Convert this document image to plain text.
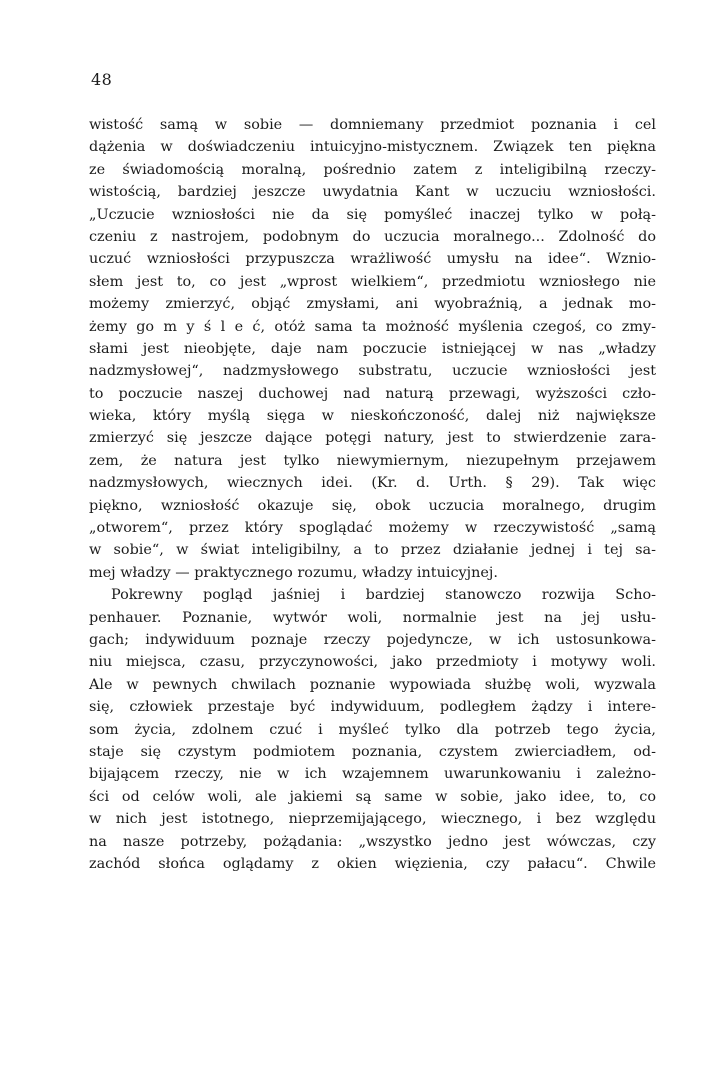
48
wistość samą w sobie — domniemany przedmiot poznania i cel
dążenia w doświadczeniu intuicyjno-mistycznem. Związek ten piękna
ze świadomością moralną, pośrednio zatem z inteligibilną rzeczy-
wistością, bardziej jeszcze uwydatnia Kant w uczuciu wzniosłości.
„Uczucie wzniosłości nie da się pomyśleć inaczej tylko w połą-
czeniu z nastrojem, podobnym do uczucia moralnego... Zdolność do
uczuć wzniosłości przypuszcza wrażliwość umysłu na idee“. Wznio-
słem jest to, co jest „wprost wielkiem“, przedmiotu wzniosłego nie
możemy zmierzyć, objąć zmysłami, ani wyobraźnią, a jednak mo-
żemy go m y ś l e ć, otóż sama ta możność myślenia czegoś, co zmy-
słami jest nieobjęte, daje nam poczucie istniejącej w nas „władzy
nadzmysłowej“, nadzmysłowego substratu, uczucie wzniosłości jest
to poczucie naszej duchowej nad naturą przewagi, wyższości czło-
wieka, który myślą sięga w nieskończoność, dalej niż największe
zmierzyć się jeszcze dające potęgi natury, jest to stwierdzenie zara-
zem, że natura jest tylko niewymiernym, niezupełnym przejawem
nadzmysłowych, wiecznych idei. (Kr. d. Urth. § 29). Tak więc
piękno, wzniosłość okazuje się, obok uczucia moralnego, drugim
„otworem“, przez który spoglądać możemy w rzeczywistość „samą
w sobie“, w świat inteligibilny, a to przez działanie jednej i tej sa-
mej władzy — praktycznego rozumu, władzy intuicyjnej.
Pokrewny pogląd jaśniej i bardziej stanowczo rozwija Scho-
penhauer. Poznanie, wytwór woli, normalnie jest na jej usłu-
gach; indywiduum poznaje rzeczy pojedyncze, w ich ustosunkowa-
niu miejsca, czasu, przyczynowości, jako przedmioty i motywy woli.
Ale w pewnych chwilach poznanie wypowiada służbę woli, wyzwala
się, człowiek przestaje być indywiduum, podległem żądzy i intere-
som życia, zdolnem czuć i myśleć tylko dla potrzeb tego życia,
staje się czystym podmiotem poznania, czystem zwierciadłem, od-
bijającem rzeczy, nie w ich wzajemnem uwarunkowaniu i zależno-
ści od celów woli, ale jakiemi są same w sobie, jako idee, to, co
w nich jest istotnego, nieprzemijającego, wiecznego, i bez względu
na nasze potrzeby, pożądania: „wszystko jedno jest wówczas, czy
zachód słońca oglądamy z okien więzienia, czy pałacu“. Chwile
